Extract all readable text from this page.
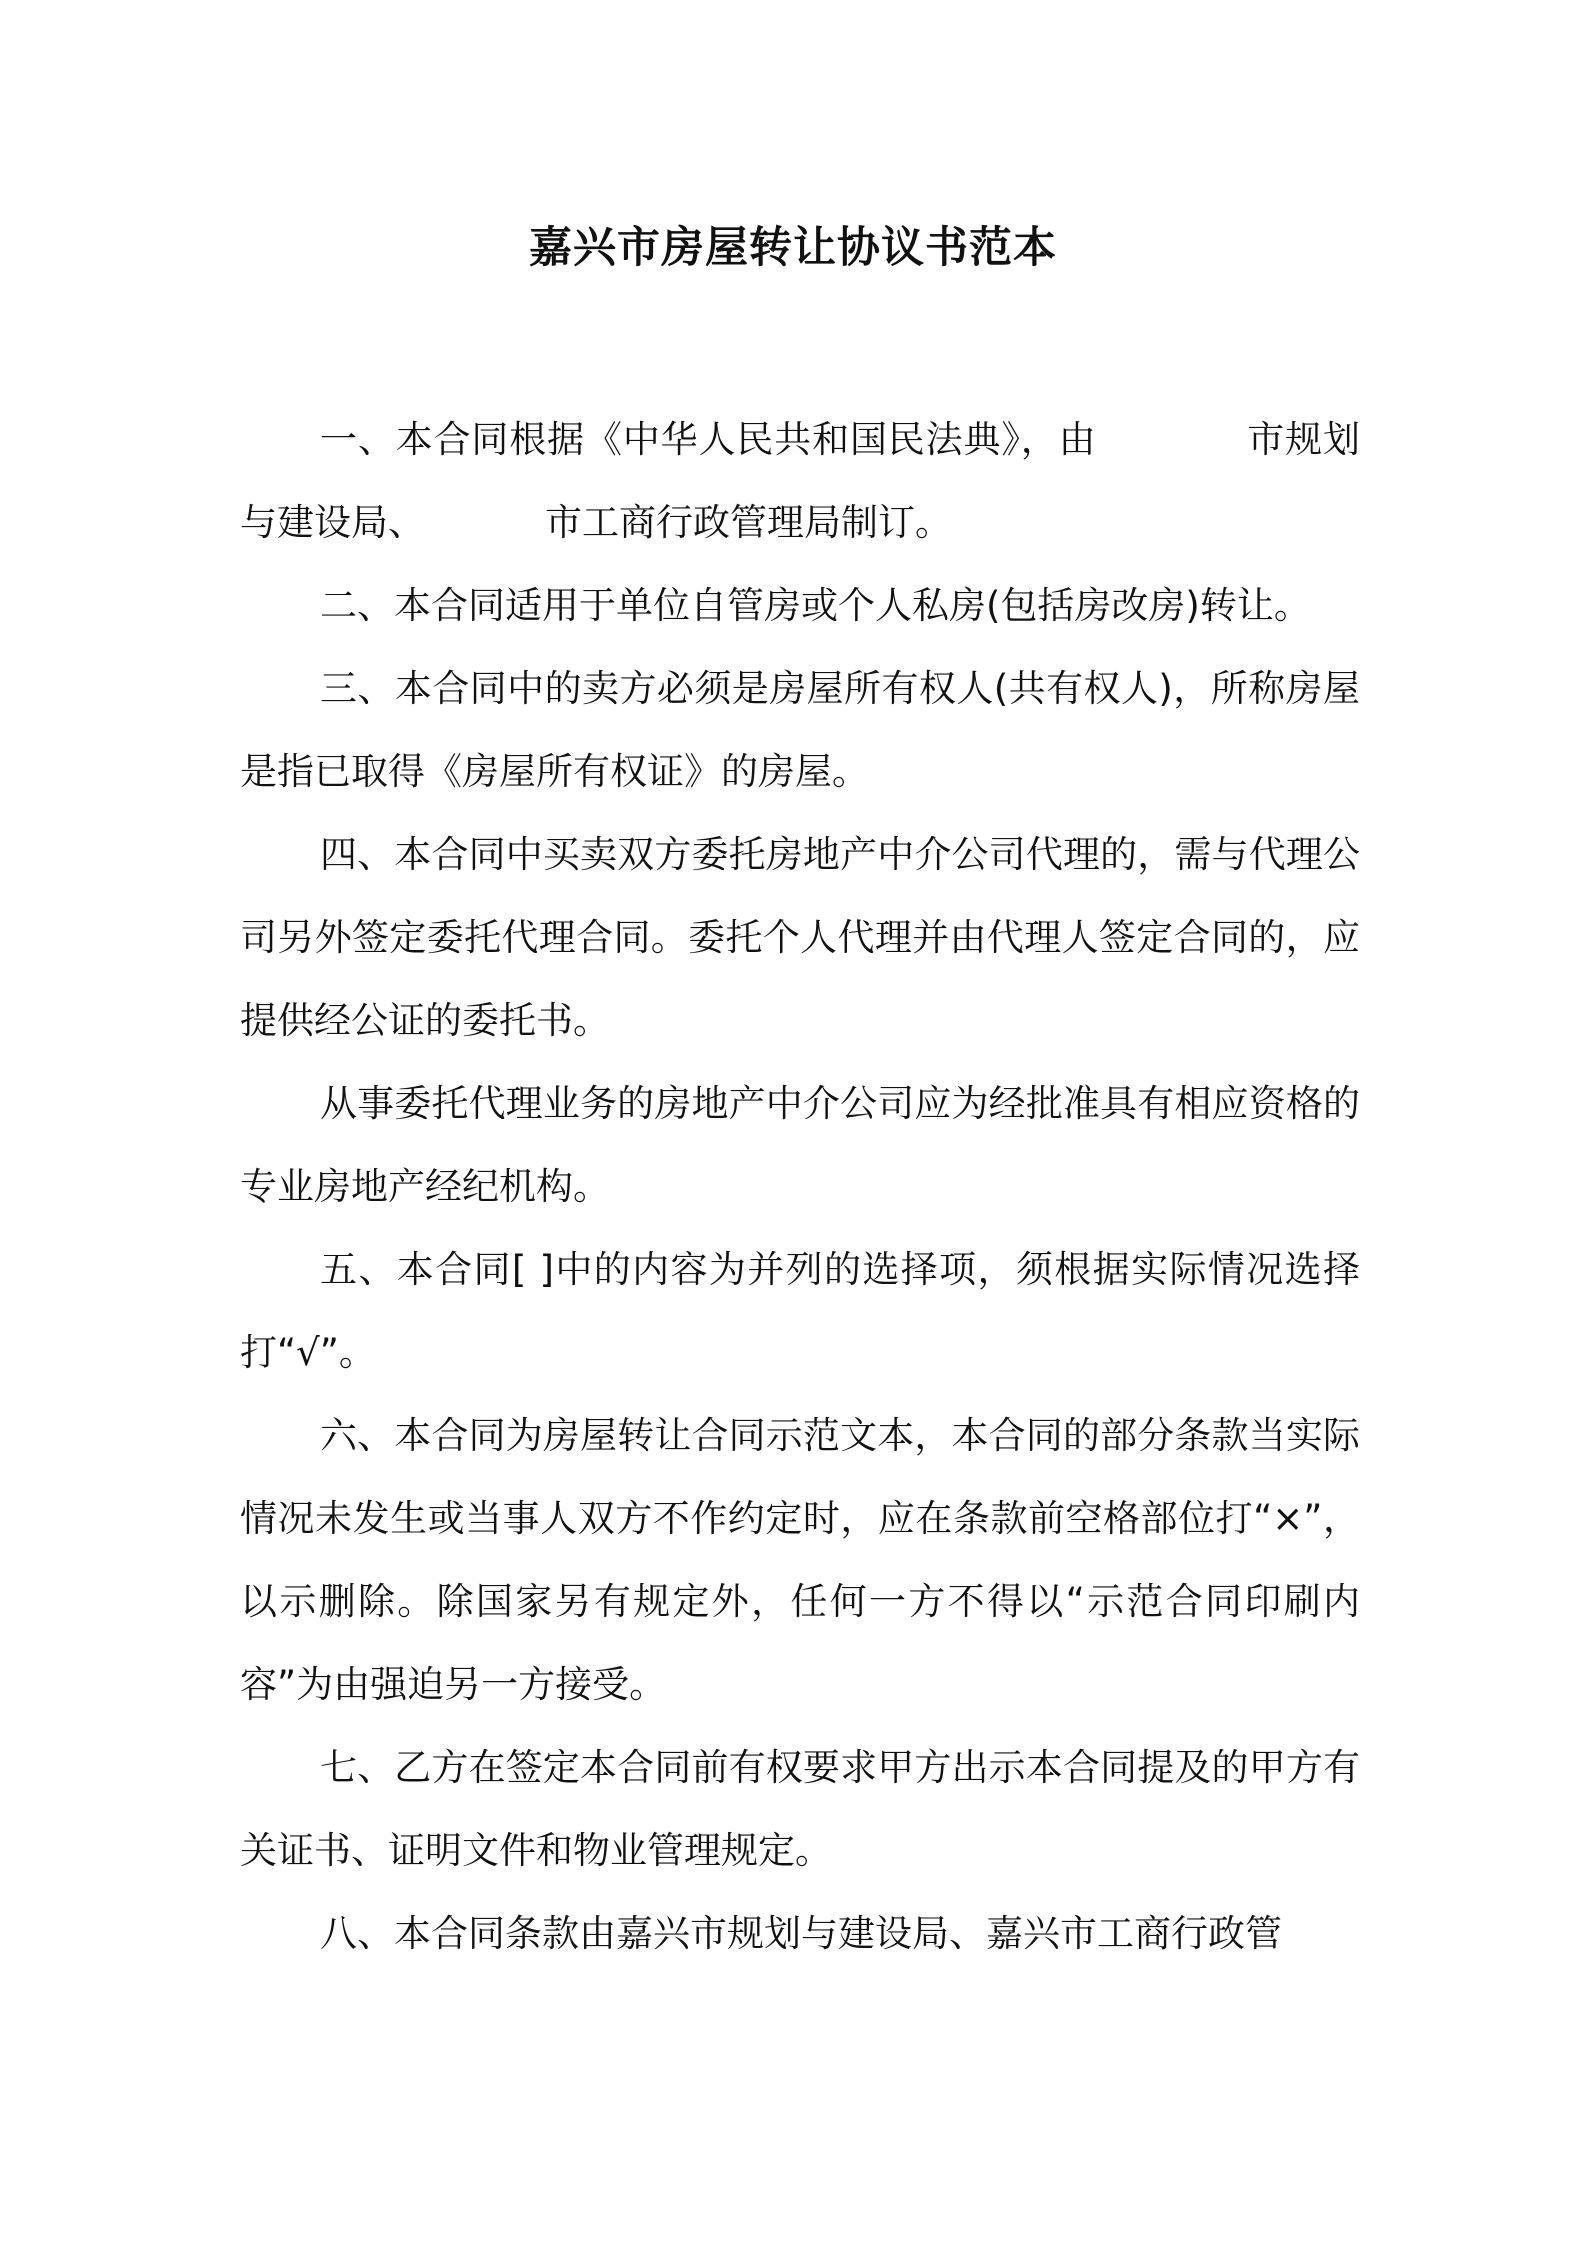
嘉兴市房屋转让协议书范本

一、本合同根据《中华人民共和国民法典》，由	市规划与建设局、	市工商行政管理局制订。

二、本合同适用于单位自管房或个人私房(包括房改房)转让。

三、本合同中的卖方必须是房屋所有权人(共有权人)，所称房屋是指已取得《房屋所有权证》的房屋。

四、本合同中买卖双方委托房地产中介公司代理的，需与代理公司另外签定委托代理合同。委托个人代理并由代理人签定合同的，应提供经公证的委托书。

从事委托代理业务的房地产中介公司应为经批准具有相应资格的专业房地产经纪机构。

五、本合同[ ]中的内容为并列的选择项，须根据实际情况选择打“√”。

六、本合同为房屋转让合同示范文本，本合同的部分条款当实际情况未发生或当事人双方不作约定时，应在条款前空格部位打“×”，以示删除。除国家另有规定外，任何一方不得以“示范合同印刷内容”为由强迫另一方接受。

七、乙方在签定本合同前有权要求甲方出示本合同提及的甲方有关证书、证明文件和物业管理规定。

八、本合同条款由嘉兴市规划与建设局、嘉兴市工商行政管
